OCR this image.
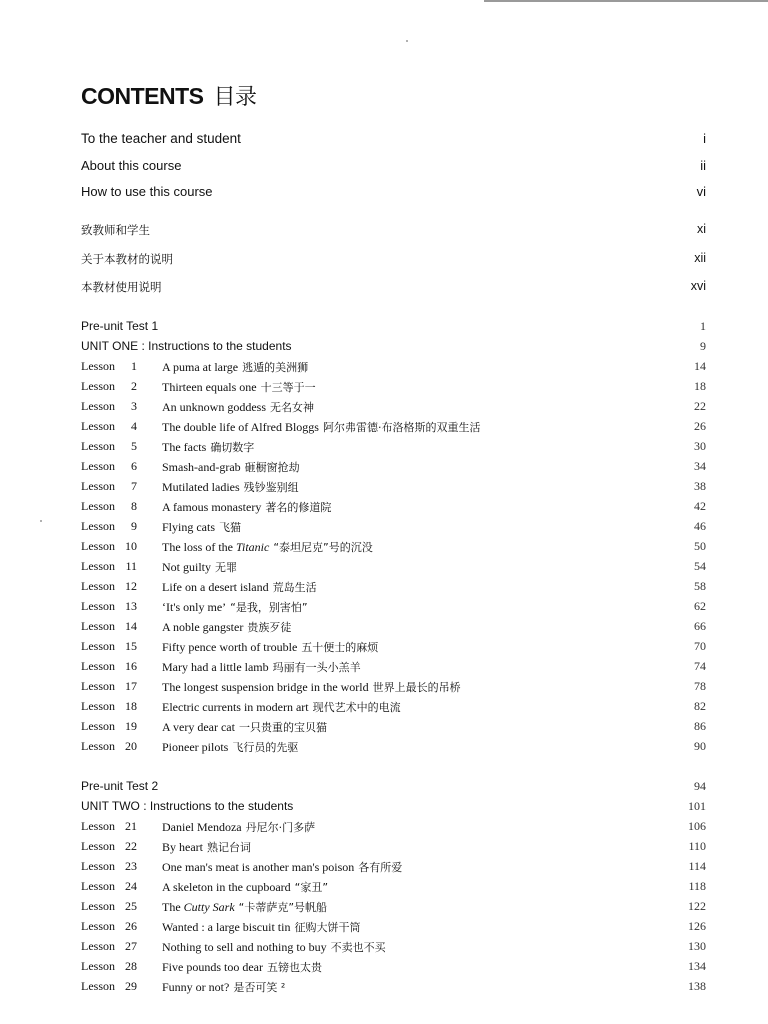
CONTENTS 目录
To the teacher and student	i
About this course	ii
How to use this course	vi
致教师和学生	xi
关于本教材的说明	xii
本教材使用说明	xvi
Pre-unit Test 1	1
UNIT ONE : Instructions to the students	9
Lesson 1 A puma at large 逃遁的美洲狮	14
Lesson 2 Thirteen equals one 十三等于一	18
Lesson 3 An unknown goddess 无名女神	22
Lesson 4 The double life of Alfred Bloggs 阿尔弗雷德·布洛格斯的双重生活	26
Lesson 5 The facts 确切数字	30
Lesson 6 Smash-and-grab 砸橱窗抢劫	34
Lesson 7 Mutilated ladies 残钞鉴别组	38
Lesson 8 A famous monastery 著名的修道院	42
Lesson 9 Flying cats 飞猫	46
Lesson 10 The loss of the Titanic “泰坦尼克”号的沉没	50
Lesson 11 Not guilty 无罪	54
Lesson 12 Life on a desert island 荒岛生活	58
Lesson 13 ‘It's only me’ “是我，别害怕”	62
Lesson 14 A noble gangster 贵族歹徒	66
Lesson 15 Fifty pence worth of trouble 五十便士的麻烦	70
Lesson 16 Mary had a little lamb 玛丽有一头小羔羊	74
Lesson 17 The longest suspension bridge in the world 世界上最长的吊桥	78
Lesson 18 Electric currents in modern art 现代艺术中的电流	82
Lesson 19 A very dear cat 一只贵重的宝贝猫	86
Lesson 20 Pioneer pilots 飞行员的先驱	90
Pre-unit Test 2	94
UNIT TWO : Instructions to the students	101
Lesson 21 Daniel Mendoza 丹尼尔·门多萨	106
Lesson 22 By heart 熟记台词	110
Lesson 23 One man's meat is another man's poison 各有所爱	114
Lesson 24 A skeleton in the cupboard “家丑”	118
Lesson 25 The Cutty Sark “卡蒂萨克”号帆船	122
Lesson 26 Wanted : a large biscuit tin 征购大饼干筒	126
Lesson 27 Nothing to sell and nothing to buy 不卖也不买	130
Lesson 28 Five pounds too dear 五镑也太贵	134
Lesson 29 Funny or not? 是否可笑 ²	138
